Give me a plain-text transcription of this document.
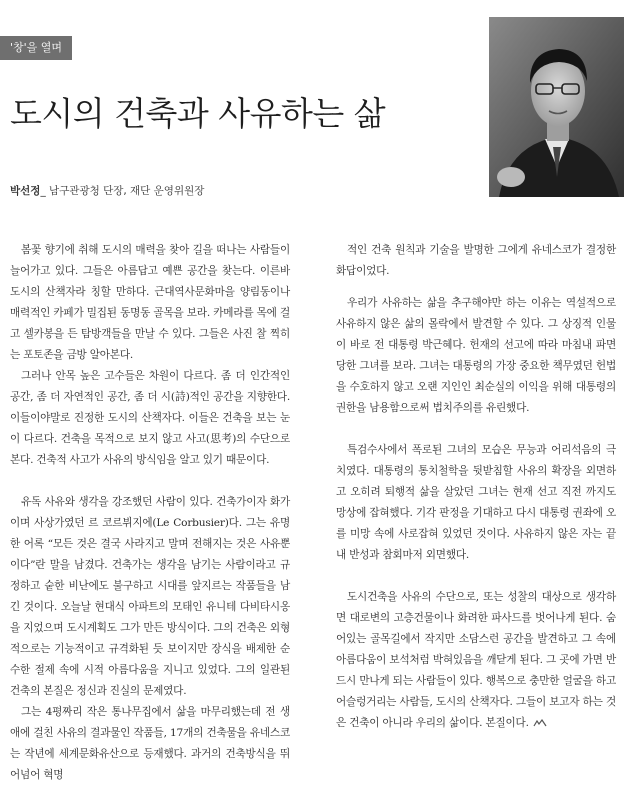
'창'을 열며
도시의 건축과 사유하는 삶
박선정_ 남구관광청 단장, 재단 운영위원장

봄꽃 향기에 취해 도시의 매력을 찾아 길을 떠나는 사람들이 늘어가고 있다. 그들은 아름답고 예쁜 공간을 찾는다. 이른바 도시의 산책자라 칭할 만하다. 근대역사문화마을 양림동이나 매력적인 카페가 밀집된 동명동 골목을 보라. 카메라를 목에 걸고 셀카봉을 든 탐방객들을 만날 수 있다. 그들은 사진 찰 찍히는 포토존을 금방 알아본다.

그러나 안목 높은 고수들은 차원이 다르다. 좀 더 인간적인 공간, 좀 더 자연적인 공간, 좀 더 시(詩)적인 공간을 지향한다. 이들이야말로 진정한 도시의 산책자다. 이들은 건축을 보는 눈이 다르다. 건축을 목적으로 보지 않고 사고(思考)의 수단으로 본다. 건축적 사고가 사유의 방식임을 알고 있기 때문이다.

유독 사유와 생각을 강조했던 사람이 있다. 건축가이자 화가이며 사상가였던 르 코르뷔지에(Le Corbusier)다. 그는 유명한 어록 “모든 것은 결국 사라지고 말며 전해지는 것은 사유뿐이다”란 말을 남겼다. 건축가는 생각을 남기는 사람이라고 규정하고 숱한 비난에도 불구하고 시대를 앞지르는 작품들을 남긴 것이다. 오늘날 현대식 아파트의 모태인 유니테 다비타시옹을 지었으며 도시계획도 그가 만든 방식이다. 그의 건축은 외형적으로는 기능적이고 규격화된 듯 보이지만 장식을 배제한 순수한 절제 속에 시적 아름다움을 지니고 있었다. 그의 일관된 건축의 본질은 정신과 진실의 문제였다.

그는 4평짜리 작은 통나무집에서 삶을 마무리했는데 전 생애에 걸친 사유의 결과물인 작품들, 17개의 건축물을 유네스코는 작년에 세계문화유산으로 등재했다. 과거의 건축방식을 뛰어넘어 혁명

적인 건축 원칙과 기술을 발명한 그에게 유네스코가 결정한 화답이었다.

우리가 사유하는 삶을 추구해야만 하는 이유는 역설적으로 사유하지 않은 삶의 몰락에서 발견할 수 있다. 그 상징적 인물이 바로 전 대통령 박근혜다. 헌재의 선고에 따라 마침내 파면당한 그녀를 보라. 그녀는 대통령의 가장 중요한 책무였던 헌법을 수호하지 않고 오랜 지인인 최순실의 이익을 위해 대통령의 권한을 남용함으로써 법치주의를 유린했다.

특검수사에서 폭로된 그녀의 모습은 무능과 어리석음의 극치였다. 대통령의 통치철학을 뒷받침할 사유의 확장을 외면하고 오히려 퇴행적 삶을 살았던 그녀는 현재 선고 직전 까지도 망상에 잡혀했다. 기각 판정을 기대하고 다시 대통령 권좌에 오를 미망 속에 사로잡혀 있었던 것이다. 사유하지 않은 자는 끝내 반성과 참회마저 외면했다.

도시건축을 사유의 수단으로, 또는 성찰의 대상으로 생각하면 대로변의 고층건물이나 화려한 파사드를 벗어나게 된다. 숨어있는 골목길에서 작지만 소담스런 공간을 발견하고 그 속에 아름다움이 보석처럼 박혀있음을 깨닫게 된다. 그 곳에 가면 반드시 만나게 되는 사람들이 있다. 행복으로 충만한 얼굴을 하고 어슬렁거리는 사람들, 도시의 산책자다. 그들이 보고자 하는 것은 건축이 아니라 우리의 삶이다. 본질이다.
